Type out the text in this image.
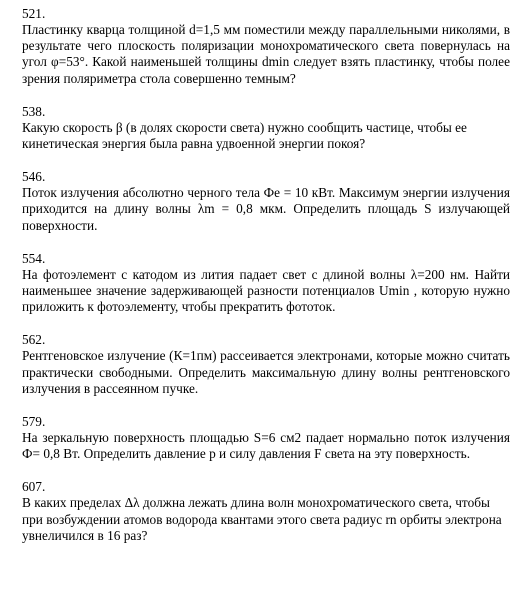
521.

Пластинку кварца толщиной d=1,5 мм поместили между параллельными николями, в результате чего плоскость поляризации монохроматического света повернулась на угол φ=53°. Какой наименьшей толщины dmin следует взять пластинку, чтобы полее зрения поляриметра стола совершенно темным?

538.

Какую скорость β (в долях скорости света) нужно сообщить частице, чтобы ее кинетическая энергия была равна удвоенной энергии покоя?

546.

Поток излучения абсолютно черного тела Фe = 10 кВт. Максимум энергии излучения приходится на длину волны λm = 0,8 мкм. Определить площадь S излучающей поверхности.

554.

На фотоэлемент с катодом из лития падает свет с длиной волны λ=200 нм. Найти наименьшее значение задерживающей разности потенциалов Umin , которую нужно приложить к фотоэлементу, чтобы прекратить фототок.

562.

Рентгеновское излучение (К=1пм) рассеивается электронами, которые можно считать практически свободными. Определить максимальную длину волны рентгеновского излучения в рассеянном пучке.

579.

На зеркальную поверхность площадью S=6 см2 падает нормально поток излучения Ф= 0,8 Вт. Определить давление р и силу давления F света на эту поверхность.

607.

В каких пределах Δλ должна лежать длина волн монохроматического света, чтобы при возбуждении атомов водорода квантами этого света радиус rn орбиты электрона увнеличился в 16 раз?
